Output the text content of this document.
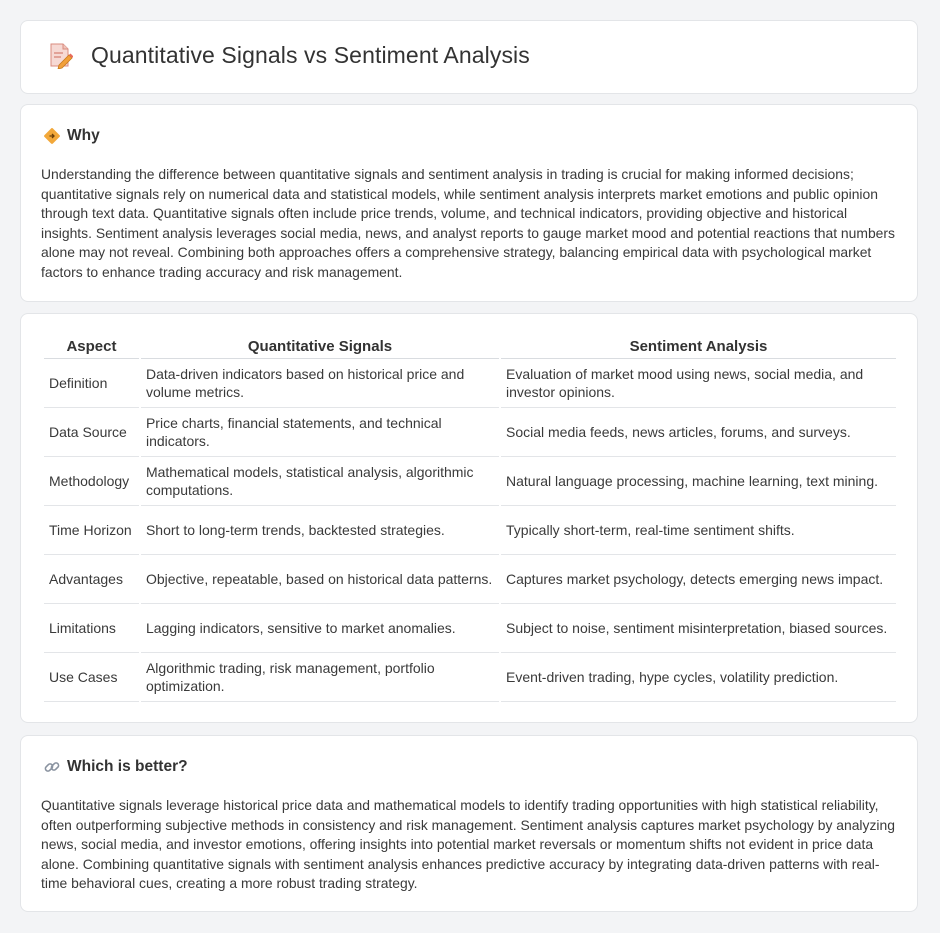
Quantitative Signals vs Sentiment Analysis
Why

Understanding the difference between quantitative signals and sentiment analysis in trading is crucial for making informed decisions; quantitative signals rely on numerical data and statistical models, while sentiment analysis interprets market emotions and public opinion through text data. Quantitative signals often include price trends, volume, and technical indicators, providing objective and historical insights. Sentiment analysis leverages social media, news, and analyst reports to gauge market mood and potential reactions that numbers alone may not reveal. Combining both approaches offers a comprehensive strategy, balancing empirical data with psychological market factors to enhance trading accuracy and risk management.

Aspect	Quantitative Signals	Sentiment Analysis
Definition	Data-driven indicators based on historical price and volume metrics.	Evaluation of market mood using news, social media, and investor opinions.
Data Source	Price charts, financial statements, and technical indicators.	Social media feeds, news articles, forums, and surveys.
Methodology	Mathematical models, statistical analysis, algorithmic computations.	Natural language processing, machine learning, text mining.
Time Horizon	Short to long-term trends, backtested strategies.	Typically short-term, real-time sentiment shifts.
Advantages	Objective, repeatable, based on historical data patterns.	Captures market psychology, detects emerging news impact.
Limitations	Lagging indicators, sensitive to market anomalies.	Subject to noise, sentiment misinterpretation, biased sources.
Use Cases	Algorithmic trading, risk management, portfolio optimization.	Event-driven trading, hype cycles, volatility prediction.
Which is better?

Quantitative signals leverage historical price data and mathematical models to identify trading opportunities with high statistical reliability, often outperforming subjective methods in consistency and risk management. Sentiment analysis captures market psychology by analyzing news, social media, and investor emotions, offering insights into potential market reversals or momentum shifts not evident in price data alone. Combining quantitative signals with sentiment analysis enhances predictive accuracy by integrating data-driven patterns with real-time behavioral cues, creating a more robust trading strategy.
